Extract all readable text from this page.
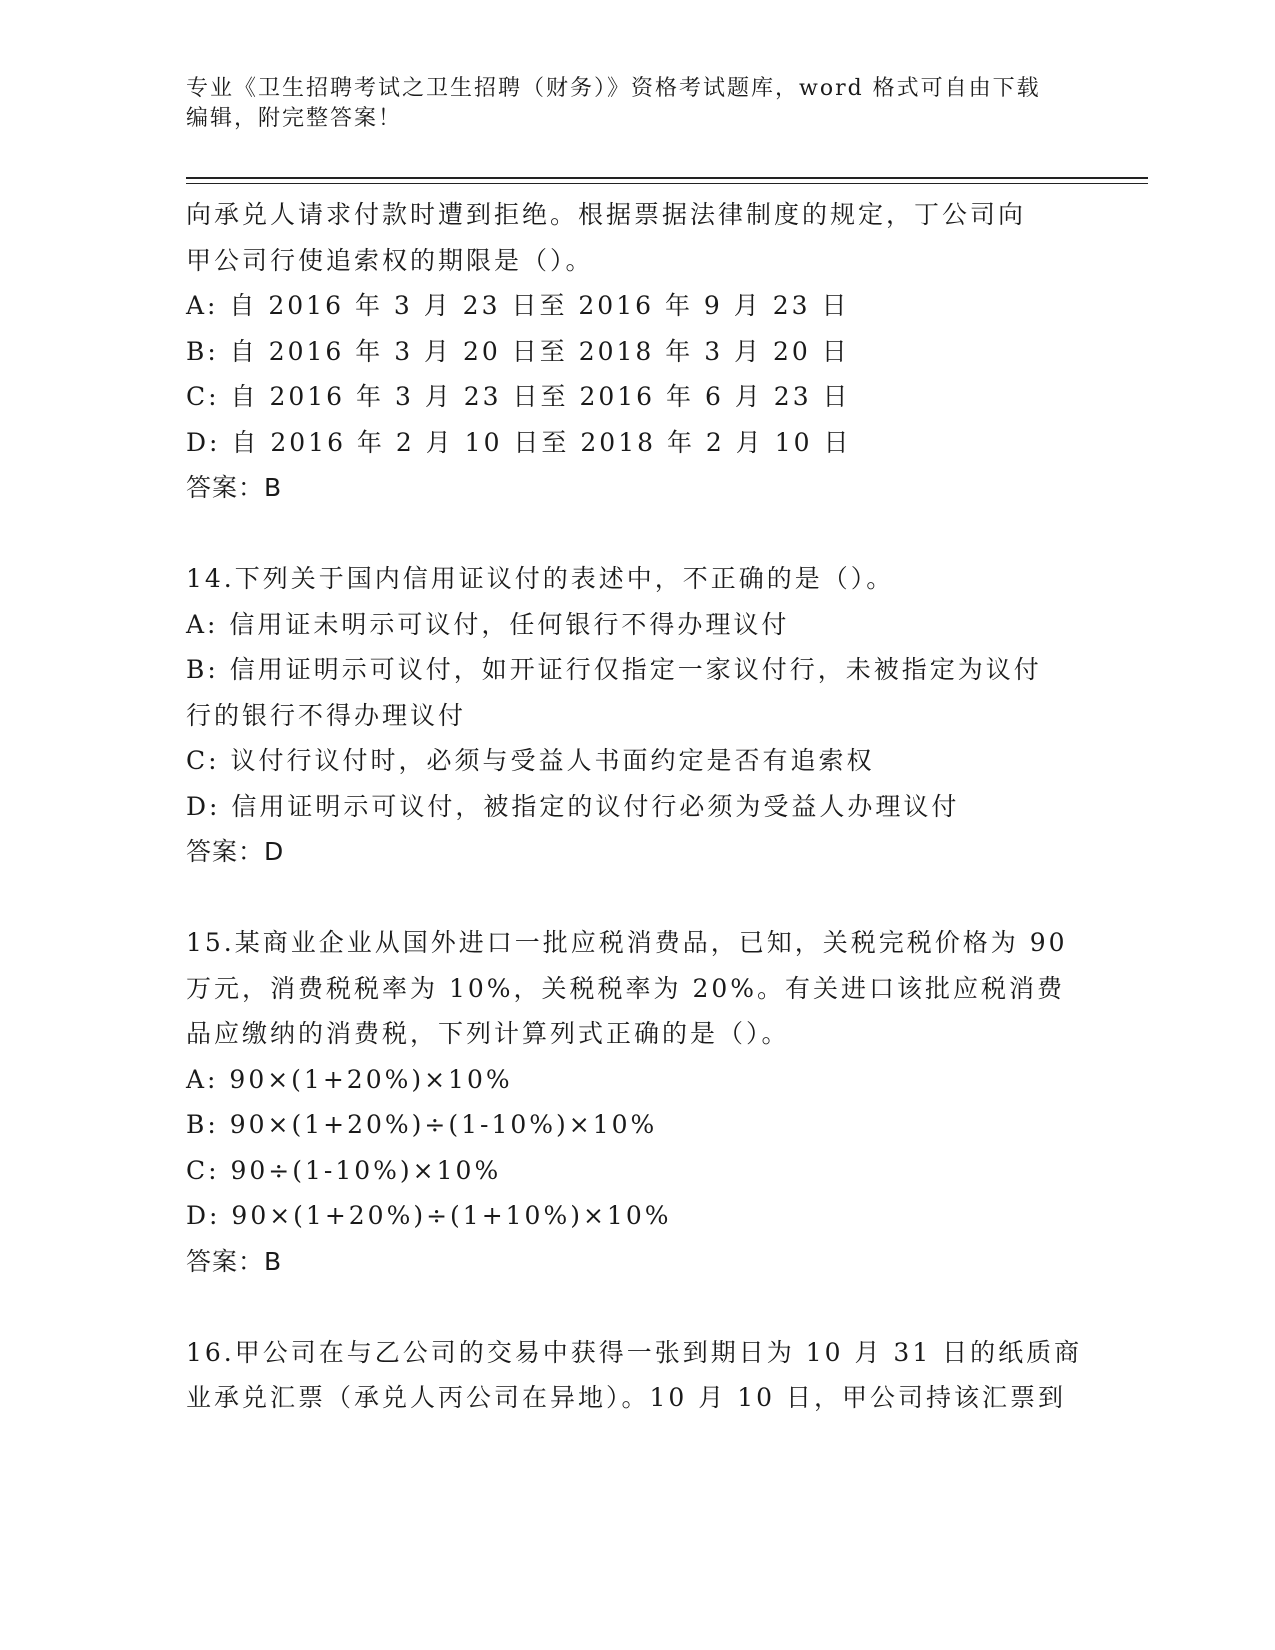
专业《卫生招聘考试之卫生招聘（财务）》资格考试题库，word 格式可自由下载
编辑，附完整答案！
向承兑人请求付款时遭到拒绝。根据票据法律制度的规定，丁公司向
甲公司行使追索权的期限是（）。
A: 自 2016 年 3 月 23 日至 2016 年 9 月 23 日
B: 自 2016 年 3 月 20 日至 2018 年 3 月 20 日
C: 自 2016 年 3 月 23 日至 2016 年 6 月 23 日
D: 自 2016 年 2 月 10 日至 2018 年 2 月 10 日
答案：B
14.下列关于国内信用证议付的表述中，不正确的是（）。
A: 信用证未明示可议付，任何银行不得办理议付
B: 信用证明示可议付，如开证行仅指定一家议付行，未被指定为议付
行的银行不得办理议付
C: 议付行议付时，必须与受益人书面约定是否有追索权
D: 信用证明示可议付，被指定的议付行必须为受益人办理议付
答案：D
15.某商业企业从国外进口一批应税消费品，已知，关税完税价格为 90
万元，消费税税率为 10%，关税税率为 20%。有关进口该批应税消费
品应缴纳的消费税，下列计算列式正确的是（）。
A: 90×(1+20%)×10%
B: 90×(1+20%)÷(1-10%)×10%
C: 90÷(1-10%)×10%
D: 90×(1+20%)÷(1+10%)×10%
答案：B
16.甲公司在与乙公司的交易中获得一张到期日为 10 月 31 日的纸质商
业承兑汇票（承兑人丙公司在异地）。10 月 10 日，甲公司持该汇票到
